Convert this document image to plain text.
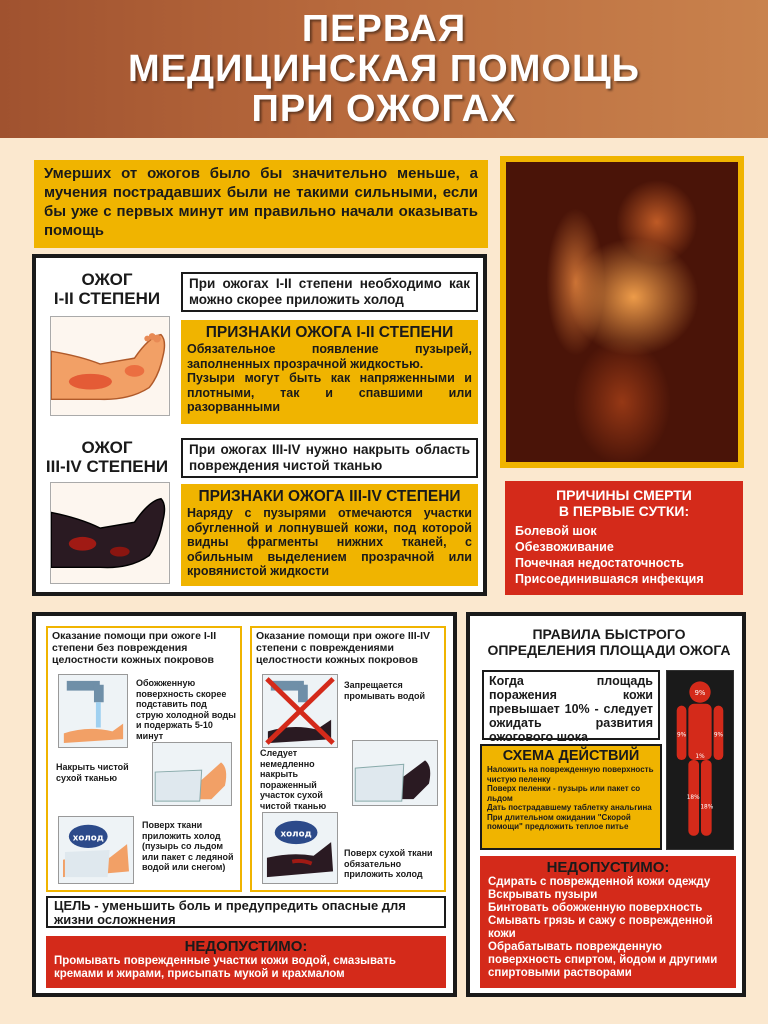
ПЕРВАЯ
МЕДИЦИНСКАЯ ПОМОЩЬ
ПРИ ОЖОГАХ
Умерших от ожогов было бы значительно меньше, а мучения пострадавших были не такими сильными, если бы уже с первых минут им правильно начали оказывать помощь
ОЖОГ
I-II СТЕПЕНИ
При ожогах I-II степени необходимо как можно скорее приложить холод
ПРИЗНАКИ ОЖОГА I-II СТЕПЕНИ
Обязательное появление пузырей, заполненных прозрачной жидкостью.
Пузыри могут быть как напряженными и плотными, так и спавшими или разорванными
ОЖОГ
III-IV СТЕПЕНИ
При ожогах III-IV нужно накрыть область повреждения чистой тканью
ПРИЗНАКИ ОЖОГА III-IV СТЕПЕНИ
Наряду с пузырями отмечаются участки обугленной и лопнувшей кожи, под которой видны фрагменты нижних тканей, с обильным выделением прозрачной или кровянистой жидкости
ПРИЧИНЫ СМЕРТИ
В ПЕРВЫЕ СУТКИ:
Болевой шок
Обезвоживание
Почечная недостаточность
Присоединившаяся инфекция
Оказание помощи при ожоге I-II степени без повреждения целостности кожных покровов
Обожженную поверхность скорее подставить под струю холодной воды и подержать 5-10 минут
Накрыть чистой сухой тканью
холод
Поверх ткани приложить холод (пузырь со льдом или пакет с ледяной водой или снегом)
Оказание помощи при ожоге III-IV степени с повреждениями целостности кожных покровов
Запрещается промывать водой
Следует немедленно накрыть пораженный участок сухой чистой тканью
холод
Поверх сухой ткани обязательно приложить холод
ЦЕЛЬ - уменьшить боль и предупредить опасные для жизни осложнения
НЕДОПУСТИМО:
Промывать поврежденные участки кожи водой, смазывать кремами и жирами, присыпать мукой и крахмалом
ПРАВИЛА БЫСТРОГО ОПРЕДЕЛЕНИЯ ПЛОЩАДИ ОЖОГА
Когда площадь поражения кожи превышает 10% - следует ожидать развития ожогового шока
9%
9%	9%
1%
18%
18%
СХЕМА ДЕЙСТВИЙ
Наложить на поврежденную поверхность чистую пеленку
Поверх пеленки - пузырь или пакет со льдом
Дать пострадавшему таблетку анальгина
При длительном ожидании "Скорой помощи" предложить теплое питье
НЕДОПУСТИМО:
Сдирать с поврежденной кожи одежду
Вскрывать пузыри
Бинтовать обожженную поверхность
Смывать грязь и сажу с поврежденной кожи
Обрабатывать поврежденную поверхность спиртом, йодом и другими спиртовыми растворами
